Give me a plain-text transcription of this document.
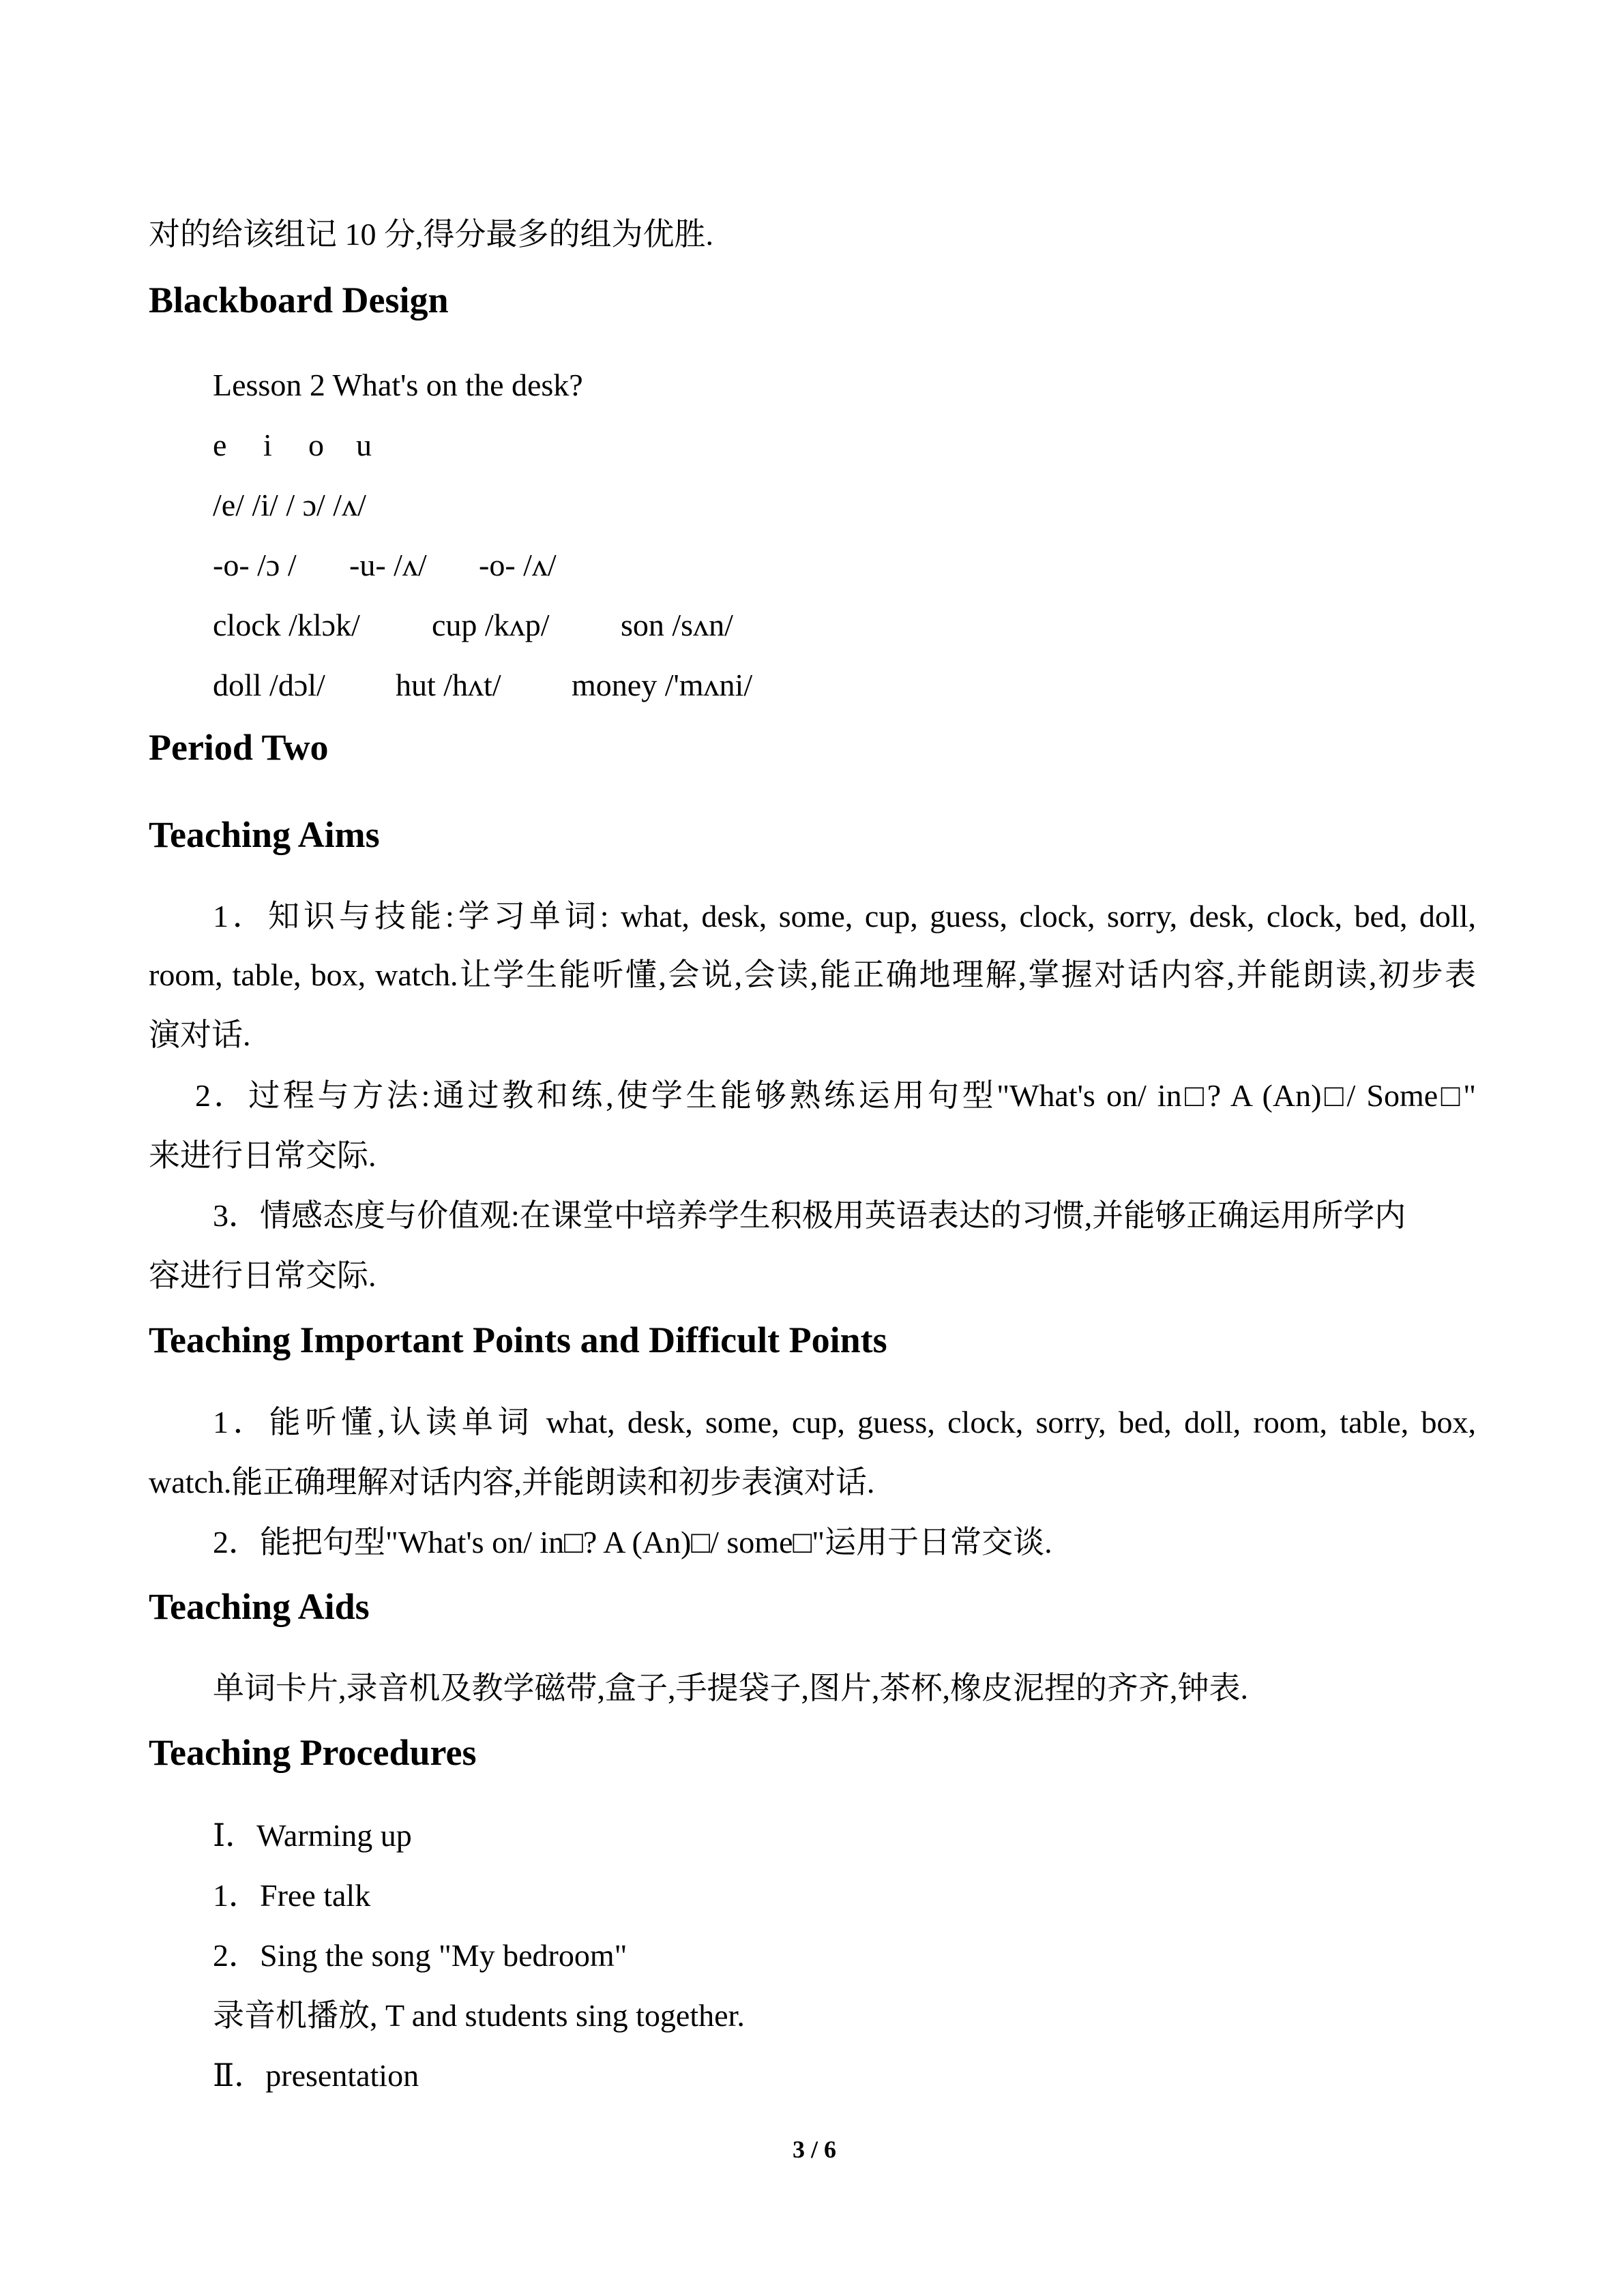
对的给该组记 10 分,得分最多的组为优胜.
Blackboard Design
Lesson 2 What's on the desk?
e	i	o	u
/e/ /i/ / ɔ/ /ʌ/
-o- /ɔ /	-u- /ʌ/	-o- /ʌ/
clock /klɔk/	cup /kʌp/	son /sʌn/
doll /dɔl/	hut /hʌt/	money /'mʌni/
Period Two
Teaching Aims
1．知识与技能:学习单词: what, desk, some, cup, guess, clock, sorry, desk, clock, bed, doll,
room, table, box, watch.让学生能听懂,会说,会读,能正确地理解,掌握对话内容,并能朗读,初步表
演对话.
2．过程与方法:通过教和练,使学生能够熟练运用句型"What's on/ in□? A (An)□/ Some□"
来进行日常交际.
3．情感态度与价值观:在课堂中培养学生积极用英语表达的习惯,并能够正确运用所学内
容进行日常交际.
Teaching Important Points and Difficult Points
1．能听懂,认读单词 what, desk, some, cup, guess, clock, sorry, bed, doll, room, table, box,
watch.能正确理解对话内容,并能朗读和初步表演对话.
2．能把句型"What's on/ in□? A (An)□/ some□"运用于日常交谈.
Teaching Aids
单词卡片,录音机及教学磁带,盒子,手提袋子,图片,茶杯,橡皮泥捏的齐齐,钟表.
Teaching Procedures
Ⅰ．Warming up
1．Free talk
2．Sing the song "My bedroom"
录音机播放, T and students sing together.
Ⅱ．presentation
3 / 6
